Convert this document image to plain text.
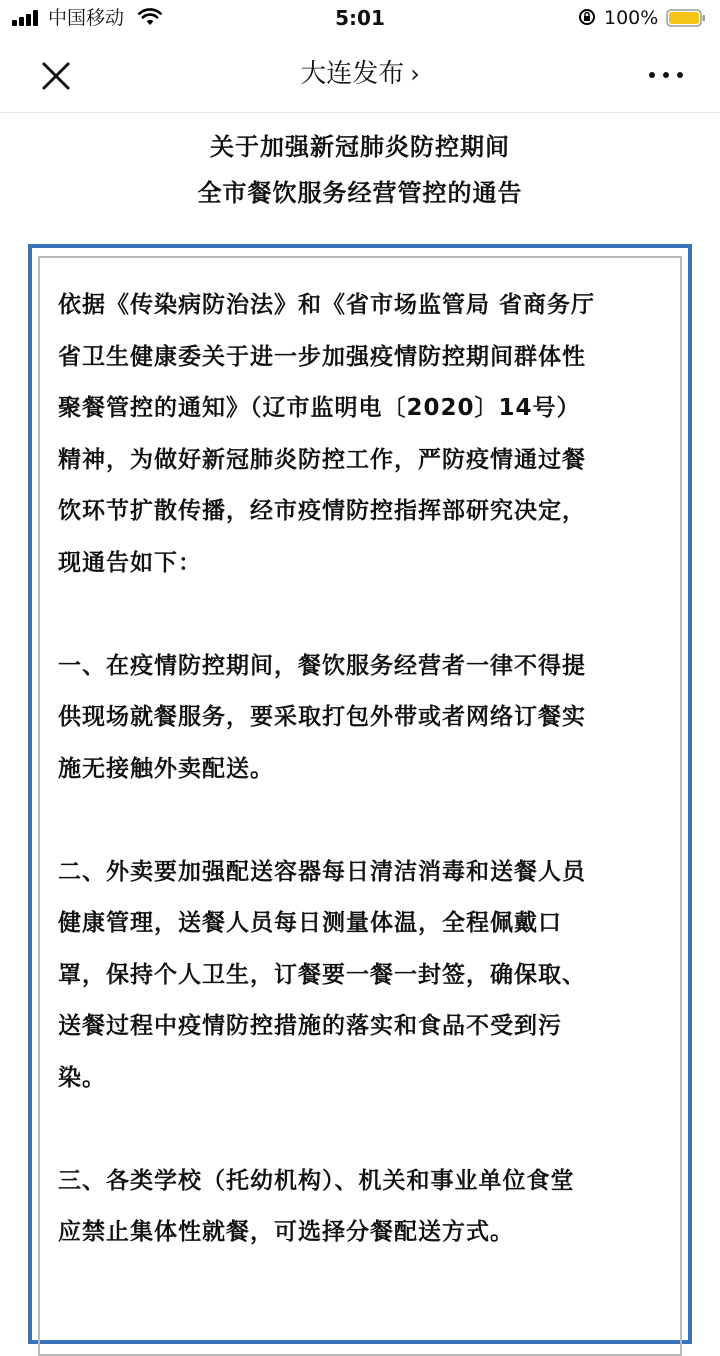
中国移动	5:01	100%
大连发布 ›
关于加强新冠肺炎防控期间
全市餐饮服务经营管控的通告

依据《传染病防治法》和《省市场监管局 省商务厅
省卫生健康委关于进一步加强疫情防控期间群体性
聚餐管控的通知》（辽市监明电〔2020〕14号）
精神，为做好新冠肺炎防控工作，严防疫情通过餐
饮环节扩散传播，经市疫情防控指挥部研究决定，
现通告如下：

一、在疫情防控期间，餐饮服务经营者一律不得提
供现场就餐服务，要采取打包外带或者网络订餐实
施无接触外卖配送。

二、外卖要加强配送容器每日清洁消毒和送餐人员
健康管理，送餐人员每日测量体温，全程佩戴口
罩，保持个人卫生，订餐要一餐一封签，确保取、
送餐过程中疫情防控措施的落实和食品不受到污
染。

三、各类学校（托幼机构）、机关和事业单位食堂
应禁止集体性就餐，可选择分餐配送方式。
